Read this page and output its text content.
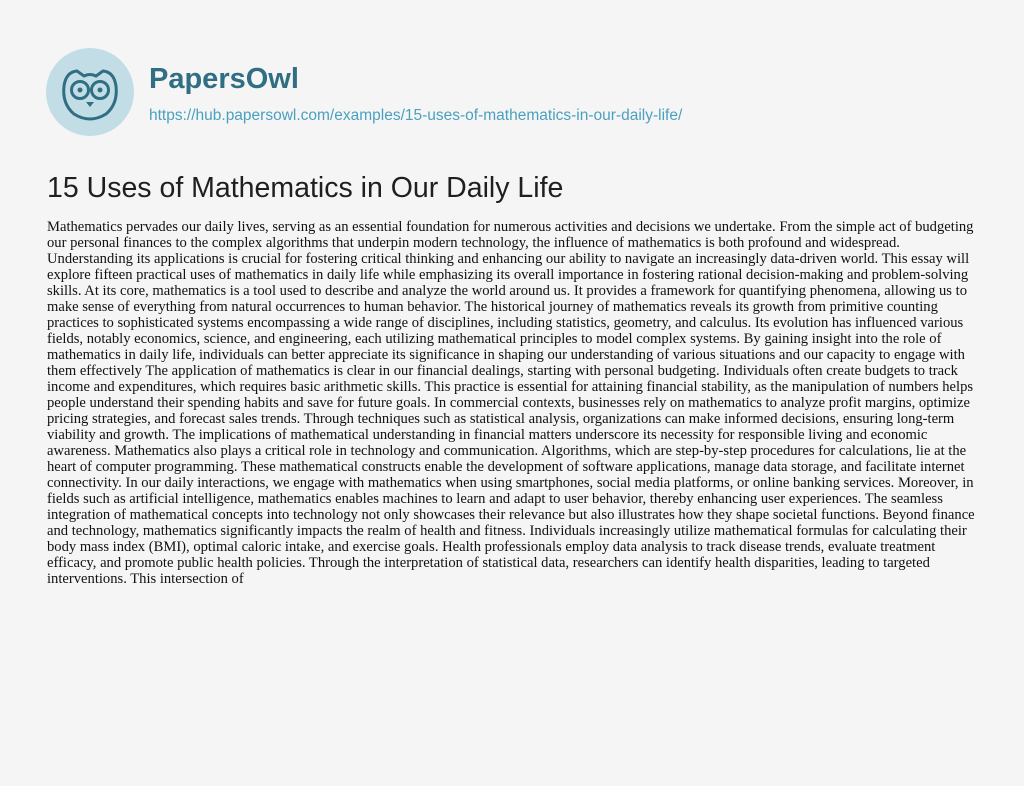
PapersOwl
https://hub.papersowl.com/examples/15-uses-of-mathematics-in-our-daily-life/
15 Uses of Mathematics in Our Daily Life

Mathematics pervades our daily lives, serving as an essential foundation for numerous activities and decisions we undertake. From the simple act of budgeting our personal finances to the complex algorithms that underpin modern technology, the influence of mathematics is both profound and widespread. Understanding its applications is crucial for fostering critical thinking and enhancing our ability to navigate an increasingly data-driven world. This essay will explore fifteen practical uses of mathematics in daily life while emphasizing its overall importance in fostering rational decision-making and problem-solving skills. At its core, mathematics is a tool used to describe and analyze the world around us. It provides a framework for quantifying phenomena, allowing us to make sense of everything from natural occurrences to human behavior. The historical journey of mathematics reveals its growth from primitive counting practices to sophisticated systems encompassing a wide range of disciplines, including statistics, geometry, and calculus. Its evolution has influenced various fields, notably economics, science, and engineering, each utilizing mathematical principles to model complex systems. By gaining insight into the role of mathematics in daily life, individuals can better appreciate its significance in shaping our understanding of various situations and our capacity to engage with them effectively The application of mathematics is clear in our financial dealings, starting with personal budgeting. Individuals often create budgets to track income and expenditures, which requires basic arithmetic skills. This practice is essential for attaining financial stability, as the manipulation of numbers helps people understand their spending habits and save for future goals. In commercial contexts, businesses rely on mathematics to analyze profit margins, optimize pricing strategies, and forecast sales trends. Through techniques such as statistical analysis, organizations can make informed decisions, ensuring long-term viability and growth. The implications of mathematical understanding in financial matters underscore its necessity for responsible living and economic awareness. Mathematics also plays a critical role in technology and communication. Algorithms, which are step-by-step procedures for calculations, lie at the heart of computer programming. These mathematical constructs enable the development of software applications, manage data storage, and facilitate internet connectivity. In our daily interactions, we engage with mathematics when using smartphones, social media platforms, or online banking services. Moreover, in fields such as artificial intelligence, mathematics enables machines to learn and adapt to user behavior, thereby enhancing user experiences. The seamless integration of mathematical concepts into technology not only showcases their relevance but also illustrates how they shape societal functions. Beyond finance and technology, mathematics significantly impacts the realm of health and fitness. Individuals increasingly utilize mathematical formulas for calculating their body mass index (BMI), optimal caloric intake, and exercise goals. Health professionals employ data analysis to track disease trends, evaluate treatment efficacy, and promote public health policies. Through the interpretation of statistical data, researchers can identify health disparities, leading to targeted interventions. This intersection of
